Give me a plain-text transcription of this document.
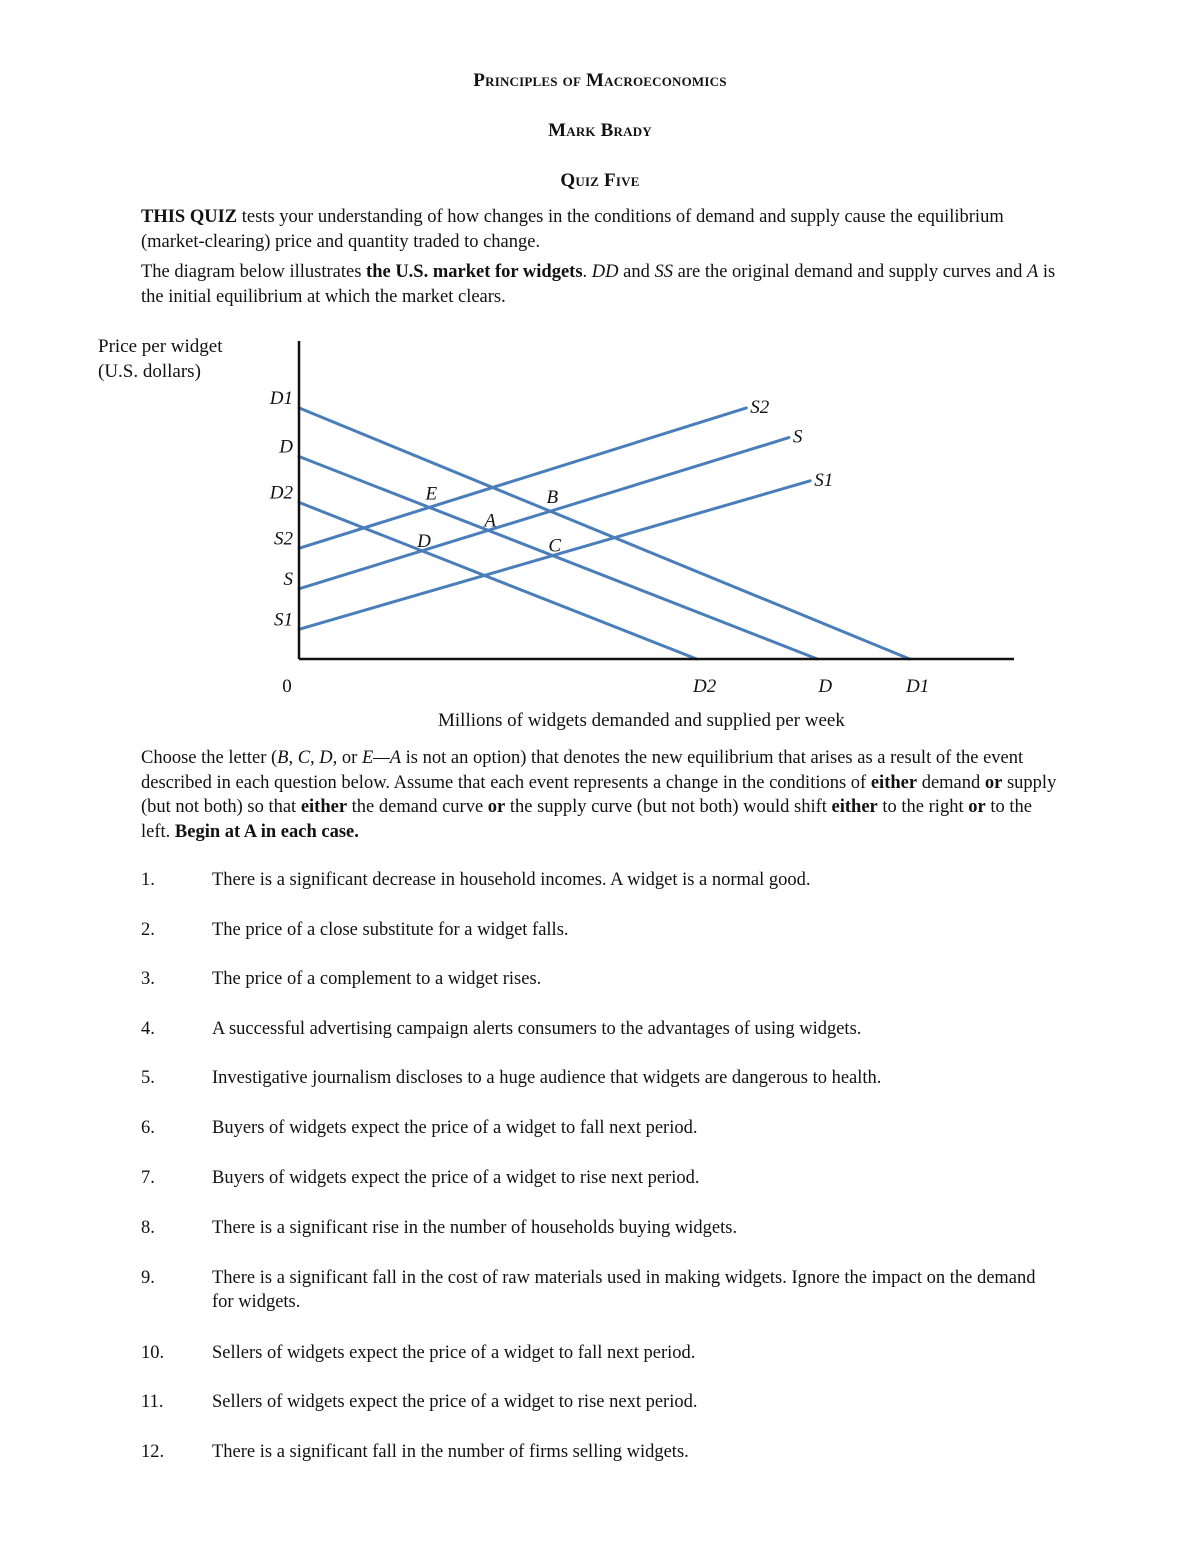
Principles of Macroeconomics
Mark Brady
Quiz Five

THIS QUIZ tests your understanding of how changes in the conditions of demand and supply cause the equilibrium (market-clearing) price and quantity traded to change.

The diagram below illustrates the U.S. market for widgets. DD and SS are the original demand and supply curves and A is the initial equilibrium at which the market clears.

Price per widget
(U.S. dollars)
Millions of widgets demanded and supplied per week
D1
D1
D
D
D2
D2
S2
S2
S
S
S1
S1
0
E	B
A
D	C
Choose the letter (B, C, D, or E—A is not an option) that denotes the new equilibrium that arises as a result of the event described in each question below. Assume that each event represents a change in the conditions of either demand or supply (but not both) so that either the demand curve or the supply curve (but not both) would shift either to the right or to the left. Begin at A in each case.
1.	There is a significant decrease in household incomes. A widget is a normal good.
2.	The price of a close substitute for a widget falls.
3.	The price of a complement to a widget rises.
4.	A successful advertising campaign alerts consumers to the advantages of using widgets.
5.	Investigative journalism discloses to a huge audience that widgets are dangerous to health.
6.	Buyers of widgets expect the price of a widget to fall next period.
7.	Buyers of widgets expect the price of a widget to rise next period.
8.	There is a significant rise in the number of households buying widgets.
9.	There is a significant fall in the cost of raw materials used in making widgets. Ignore the impact on the demand for widgets.
10.	Sellers of widgets expect the price of a widget to fall next period.
11.	Sellers of widgets expect the price of a widget to rise next period.
12.	There is a significant fall in the number of firms selling widgets.
